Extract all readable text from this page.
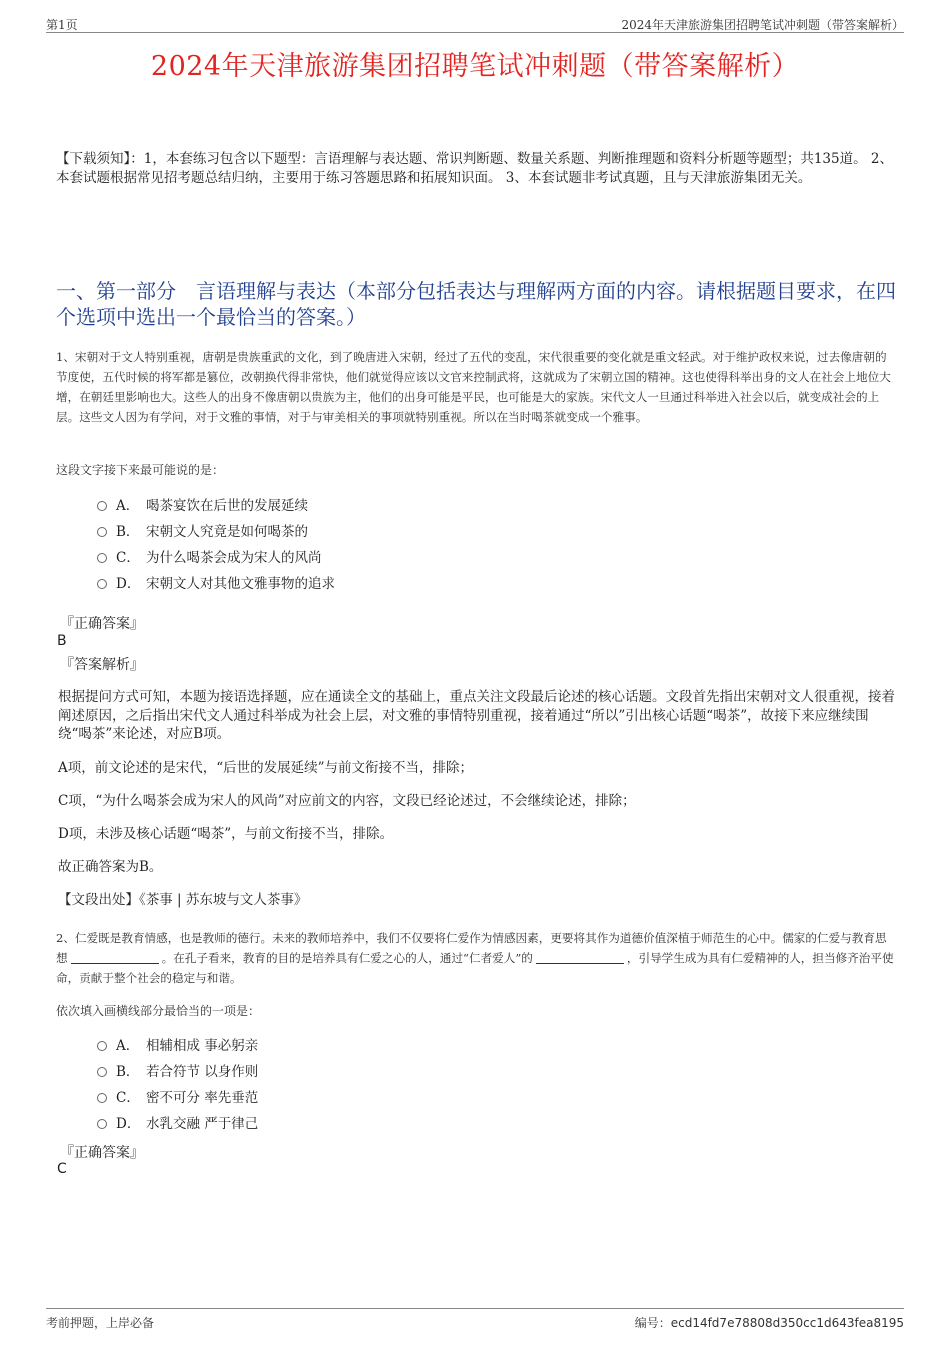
第1页	2024年天津旅游集团招聘笔试冲刺题（带答案解析）
2024年天津旅游集团招聘笔试冲刺题（带答案解析）
【下载须知】：1，本套练习包含以下题型：言语理解与表达题、常识判断题、数量关系题、判断推理题和资料分析题等题型；共135道。 2、本套试题根据常见招考题总结归纳，主要用于练习答题思路和拓展知识面。 3、本套试题非考试真题，且与天津旅游集团无关。
一、第一部分　言语理解与表达（本部分包括表达与理解两方面的内容。请根据题目要求，在四个选项中选出一个最恰当的答案。）
1、宋朝对于文人特别重视，唐朝是贵族重武的文化，到了晚唐进入宋朝，经过了五代的变乱，宋代很重要的变化就是重文轻武。对于维护政权来说，过去像唐朝的节度使，五代时候的将军都是篡位，改朝换代得非常快，他们就觉得应该以文官来控制武将，这就成为了宋朝立国的精神。这也使得科举出身的文人在社会上地位大增，在朝廷里影响也大。这些人的出身不像唐朝以贵族为主，他们的出身可能是平民，也可能是大的家族。宋代文人一旦通过科举进入社会以后，就变成社会的上层。这些文人因为有学问，对于文雅的事情，对于与审美相关的事项就特别重视。所以在当时喝茶就变成一个雅事。
这段文字接下来最可能说的是：
A． 喝茶宴饮在后世的发展延续
B． 宋朝文人究竟是如何喝茶的
C． 为什么喝茶会成为宋人的风尚
D． 宋朝文人对其他文雅事物的追求
『正确答案』
B
『答案解析』
根据提问方式可知，本题为接语选择题，应在通读全文的基础上，重点关注文段最后论述的核心话题。文段首先指出宋朝对文人很重视，接着阐述原因，之后指出宋代文人通过科举成为社会上层，对文雅的事情特别重视，接着通过“所以”引出核心话题“喝茶”，故接下来应继续围绕“喝茶”来论述，对应B项。
A项，前文论述的是宋代，“后世的发展延续”与前文衔接不当，排除；
C项，“为什么喝茶会成为宋人的风尚”对应前文的内容，文段已经论述过，不会继续论述，排除；
D项，未涉及核心话题“喝茶”，与前文衔接不当，排除。
故正确答案为B。
【文段出处】《茶事 | 苏东坡与文人茶事》
2、仁爱既是教育情感，也是教师的德行。未来的教师培养中，我们不仅要将仁爱作为情感因素，更要将其作为道德价值深植于师范生的心中。儒家的仁爱与教育思想	。在孔子看来，教育的目的是培养具有仁爱之心的人，通过“仁者爱人”的	，引导学生成为具有仁爱精神的人，担当修齐治平使命，贡献于整个社会的稳定与和谐。
依次填入画横线部分最恰当的一项是：
A． 相辅相成 事必躬亲
B． 若合符节 以身作则
C． 密不可分 率先垂范
D． 水乳交融 严于律己
『正确答案』
C
考前押题，上岸必备	编号：ecd14fd7e78808d350cc1d643fea8195
